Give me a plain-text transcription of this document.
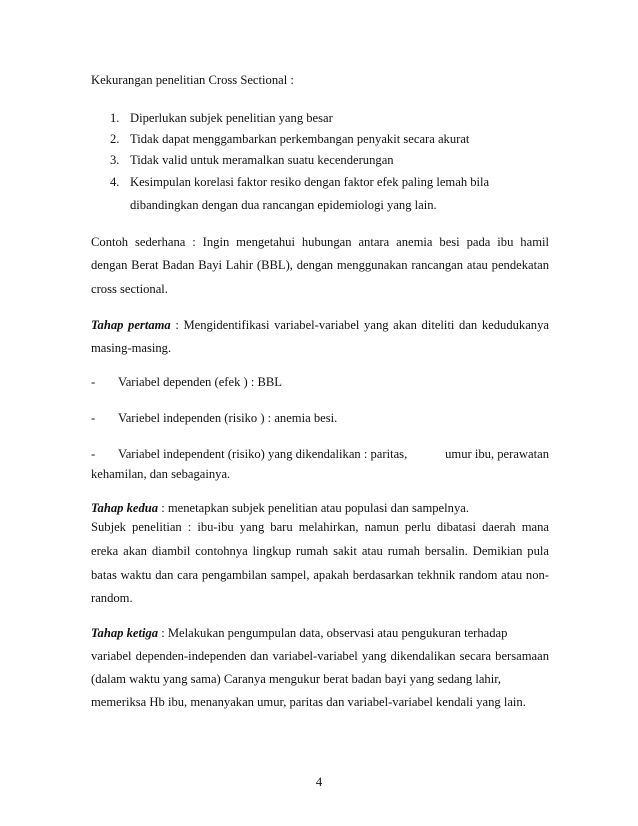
Kekurangan penelitian Cross Sectional :
1. Diperlukan subjek penelitian yang besar
2. Tidak dapat menggambarkan perkembangan penyakit secara akurat
3. Tidak valid untuk meramalkan suatu kecenderungan
4. Kesimpulan korelasi faktor resiko dengan faktor efek paling lemah bila
dibandingkan dengan dua rancangan epidemiologi yang lain.
Contoh sederhana : Ingin mengetahui hubungan antara anemia besi pada ibu hamil
dengan Berat Badan Bayi Lahir (BBL), dengan menggunakan rancangan atau pendekatan
cross sectional.
Tahap pertama : Mengidentifikasi variabel-variabel yang akan diteliti dan kedudukanya
masing-masing.
- Variabel dependen (efek ) : BBL
- Variebel independen (risiko ) : anemia besi.
- Variabel independent (risiko) yang dikendalikan : paritas,	umur ibu, perawatan
kehamilan, dan sebagainya.
Tahap kedua : menetapkan subjek penelitian atau populasi dan sampelnya.
Subjek penelitian : ibu-ibu yang baru melahirkan, namun perlu dibatasi daerah mana
ereka akan diambil contohnya lingkup rumah sakit atau rumah bersalin. Demikian pula
batas waktu dan cara pengambilan sampel, apakah berdasarkan tekhnik random atau non-
random.
Tahap ketiga : Melakukan pengumpulan data, observasi atau pengukuran terhadap
variabel dependen-independen dan variabel-variabel yang dikendalikan secara bersamaan
(dalam waktu yang sama) Caranya mengukur berat badan bayi yang sedang lahir,
memeriksa Hb ibu, menanyakan umur, paritas dan variabel-variabel kendali yang lain.
4
